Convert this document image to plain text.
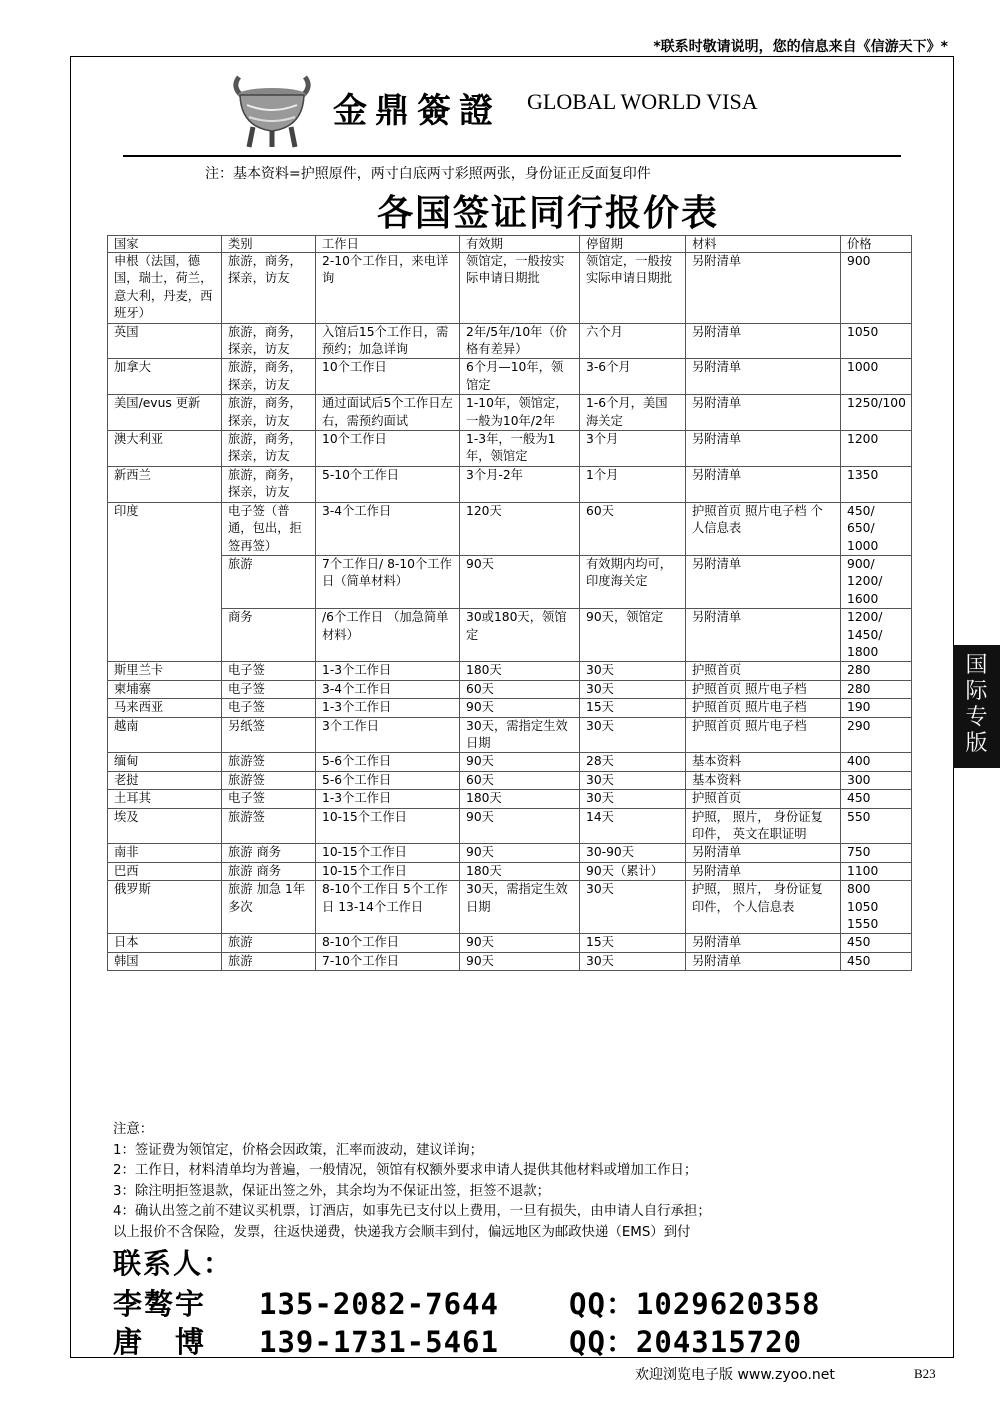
*联系时敬请说明，您的信息来自《信游天下》*
金鼎簽證 GLOBAL WORLD VISA
注：基本资料=护照原件，两寸白底两寸彩照两张，身份证正反面复印件
各国签证同行报价表
国家	类别	工作日	有效期	停留期	材料	价格
申根（法国，德国，瑞士，荷兰，意大利，丹麦，西班牙）	旅游，商务，探亲，访友	2-10个工作日，来电详询	领馆定，一般按实际申请日期批	领馆定，一般按实际申请日期批	另附清单	900
英国	旅游，商务，探亲，访友	入馆后15个工作日，需预约；加急详询	2年/5年/10年（价格有差异）	六个月	另附清单	1050
加拿大	旅游，商务，探亲，访友	10个工作日	6个月—10年，领馆定	3-6个月	另附清单	1000
美国/evus 更新	旅游，商务，探亲，访友	通过面试后5个工作日左右，需预约面试	1-10年，领馆定，一般为10年/2年	1-6个月，美国海关定	另附清单	1250/100
澳大利亚	旅游，商务，探亲，访友	10个工作日	1-3年，一般为1年，领馆定	3个月	另附清单	1200
新西兰	旅游，商务，探亲，访友	5-10个工作日	3个月-2年	1个月	另附清单	1350
印度	电子签（普通，包出，拒签再签）	3-4个工作日	120天	60天	护照首页 照片电子档 个人信息表	450/ 650/ 1000
	旅游	7个工作日/ 8-10个工作日（简单材料）	90天	有效期内均可，印度海关定	另附清单	900/ 1200/ 1600
	商务	/6个工作日 （加急简单材料）	30或180天，领馆定	90天，领馆定	另附清单	1200/ 1450/ 1800
斯里兰卡	电子签	1-3个工作日	180天	30天	护照首页	280
柬埔寨	电子签	3-4个工作日	60天	30天	护照首页 照片电子档	280
马来西亚	电子签	1-3个工作日	90天	15天	护照首页 照片电子档	190
越南	另纸签	3个工作日	30天，需指定生效日期	30天	护照首页 照片电子档	290
缅甸	旅游签	5-6个工作日	90天	28天	基本资料	400
老挝	旅游签	5-6个工作日	60天	30天	基本资料	300
土耳其	电子签	1-3个工作日	180天	30天	护照首页	450
埃及	旅游签	10-15个工作日	90天	14天	护照， 照片， 身份证复印件， 英文在职证明	550
南非	旅游 商务	10-15个工作日	90天	30-90天	另附清单	750
巴西	旅游 商务	10-15个工作日	180天	90天（累计）	另附清单	1100
俄罗斯	旅游 加急 1年多次	8-10个工作日 5个工作日 13-14个工作日	30天，需指定生效日期	30天	护照， 照片， 身份证复印件， 个人信息表	800 1050 1550
日本	旅游	8-10个工作日	90天	15天	另附清单	450
韩国	旅游	7-10个工作日	90天	30天	另附清单	450
注意：
1：签证费为领馆定，价格会因政策，汇率而波动，建议详询；
2：工作日，材料清单均为普遍，一般情况，领馆有权额外要求申请人提供其他材料或增加工作日；
3：除注明拒签退款，保证出签之外，其余均为不保证出签，拒签不退款；
4：确认出签之前不建议买机票，订酒店，如事先已支付以上费用，一旦有损失，由申请人自行承担；
以上报价不含保险，发票，往返快递费，快递我方会顺丰到付，偏远地区为邮政快递（EMS）到付
联系人：
李骜宇 135-2082-7644 QQ：1029620358
唐　博 139-1731-5461 QQ：204315720
国
际
专
版
欢迎浏览电子版 www.zyoo.net	B23
